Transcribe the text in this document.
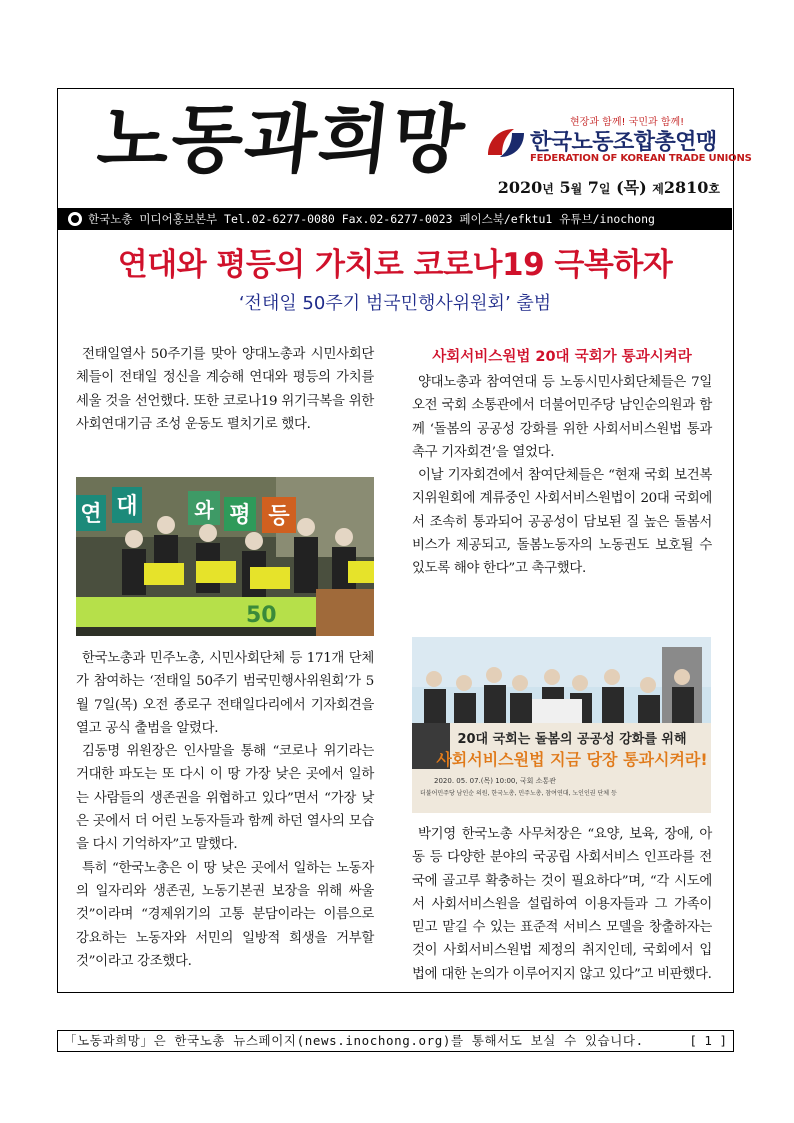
노동과희망	현장과 함께! 국민과 함께!
한국노동조합총연맹
FEDERATION OF KOREAN TRADE UNIONS
2020년 5월 7일 (목) 제2810호
한국노총 미디어홍보본부 Tel.02-6277-0080 Fax.02-6277-0023 페이스북/efktu1 유튜브/inochong
연대와 평등의 가치로 코로나19 극복하자
‘전태일 50주기 범국민행사위원회’ 출범

전태일열사 50주기를 맞아 양대노총과 시민사회단체들이 전태일 정신을 계승해 연대와 평등의 가치를 세울 것을 선언했다. 또한 코로나19 위기극복을 위한 사회연대기금 조성 운동도 펼치기로 했다.

연 대	와 평 등
50

한국노총과 민주노총, 시민사회단체 등 171개 단체가 참여하는 ‘전태일 50주기 범국민행사위원회’가 5월 7일(목) 오전 종로구 전태일다리에서 기자회견을 열고 공식 출범을 알렸다.

김동명 위원장은 인사말을 통해 “코로나 위기라는 거대한 파도는 또 다시 이 땅 가장 낮은 곳에서 일하는 사람들의 생존권을 위협하고 있다”면서 “가장 낮은 곳에서 더 어린 노동자들과 함께 하던 열사의 모습을 다시 기억하자”고 말했다.

특히 “한국노총은 이 땅 낮은 곳에서 일하는 노동자의 일자리와 생존권, 노동기본권 보장을 위해 싸울 것”이라며 “경제위기의 고통 분담이라는 이름으로 강요하는 노동자와 서민의 일방적 희생을 거부할 것”이라고 강조했다.

사회서비스원법 20대 국회가 통과시켜라

양대노총과 참여연대 등 노동시민사회단체들은 7일 오전 국회 소통관에서 더불어민주당 남인순의원과 함께 ‘돌봄의 공공성 강화를 위한 사회서비스원법 통과 촉구 기자회견’을 열었다.

이날 기자회견에서 참여단체들은 “현재 국회 보건복지위원회에 계류중인 사회서비스원법이 20대 국회에서 조속히 통과되어 공공성이 담보된 질 높은 돌봄서비스가 제공되고, 돌봄노동자의 노동권도 보호될 수 있도록 해야 한다”고 촉구했다.

20대 국회는 돌봄의 공공성 강화를 위해
사회서비스원법 지금 당장 통과시켜라!
2020. 05. 07.(목) 10:00, 국회 소통관
더불어민주당 남인순 의원, 한국노총, 민주노총, 참여연대, 노인인권 단체 등

박기영 한국노총 사무처장은 “요양, 보육, 장애, 아동 등 다양한 분야의 국공립 사회서비스 인프라를 전국에 골고루 확충하는 것이 필요하다”며, “각 시도에서 사회서비스원을 설립하여 이용자들과 그 가족이 믿고 맡길 수 있는 표준적 서비스 모델을 창출하자는 것이 사회서비스원법 제정의 취지인데, 국회에서 입법에 대한 논의가 이루어지지 않고 있다”고 비판했다.

「노동과희망」은 한국노총 뉴스페이지(news.inochong.org)를 통해서도 보실 수 있습니다.	[ 1 ]
